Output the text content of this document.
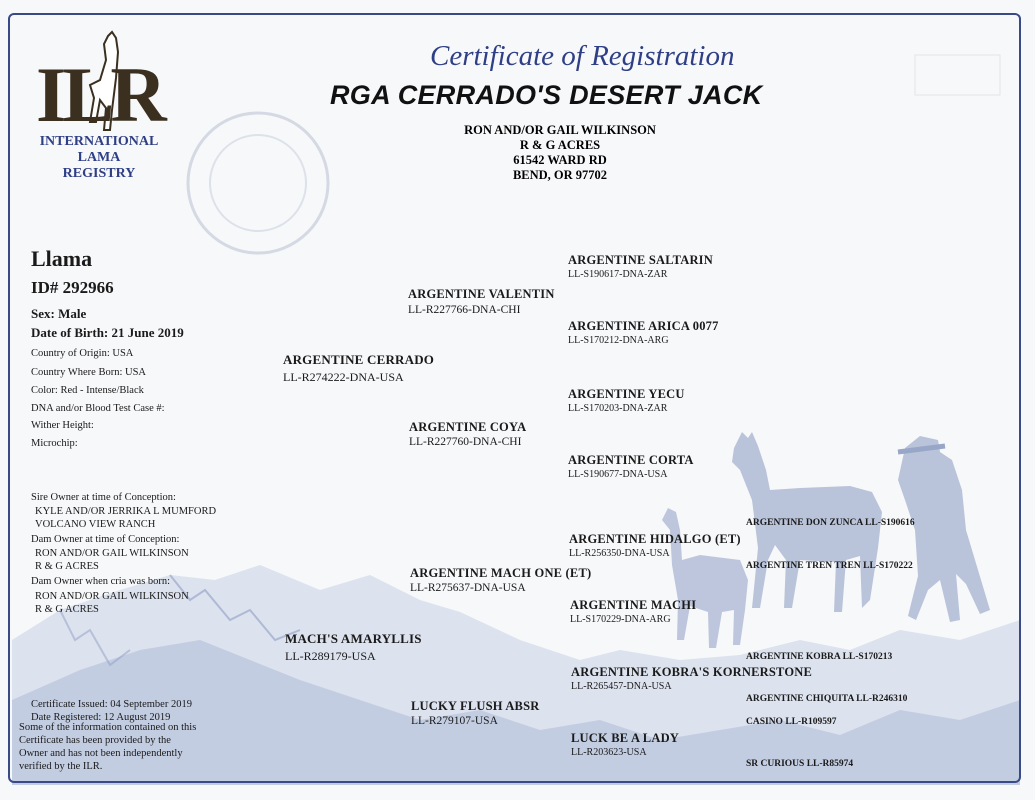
ILR
INTERNATIONAL
LAMA
REGISTRY
Certificate of Registration
RGA CERRADO'S DESERT JACK
RON AND/OR GAIL WILKINSON
R & G ACRES
61542 WARD RD
BEND, OR 97702
Llama
ID# 292966
Sex: Male
Date of Birth: 21 June 2019
Country of Origin: USA
Country Where Born: USA
Color: Red - Intense/Black
DNA and/or Blood Test Case #:
Wither Height:
Microchip:
Sire Owner at time of Conception:
KYLE AND/OR JERRIKA L MUMFORD
VOLCANO VIEW RANCH
Dam Owner at time of Conception:
RON AND/OR GAIL WILKINSON
R & G ACRES
Dam Owner when cria was born:
RON AND/OR GAIL WILKINSON
R & G ACRES
Certificate Issued: 04 September 2019
Date Registered: 12 August 2019
Some of the information contained on this
Certificate has been provided by the
Owner and has not been independently
verified by the ILR.
ARGENTINE CERRADO
LL-R274222-DNA-USA
MACH'S AMARYLLIS
LL-R289179-USA
ARGENTINE VALENTIN
LL-R227766-DNA-CHI
ARGENTINE COYA
LL-R227760-DNA-CHI
ARGENTINE MACH ONE (ET)
LL-R275637-DNA-USA
LUCKY FLUSH ABSR
LL-R279107-USA
ARGENTINE SALTARIN
LL-S190617-DNA-ZAR
ARGENTINE ARICA 0077
LL-S170212-DNA-ARG
ARGENTINE YECU
LL-S170203-DNA-ZAR
ARGENTINE CORTA
LL-S190677-DNA-USA
ARGENTINE HIDALGO (ET)
LL-R256350-DNA-USA
ARGENTINE MACHI
LL-S170229-DNA-ARG
ARGENTINE KOBRA'S KORNERSTONE
LL-R265457-DNA-USA
LUCK BE A LADY
LL-R203623-USA
ARGENTINE DON ZUNCA LL-S190616
ARGENTINE TREN TREN LL-S170222
ARGENTINE KOBRA LL-S170213
ARGENTINE CHIQUITA LL-R246310
CASINO LL-R109597
SR CURIOUS LL-R85974
